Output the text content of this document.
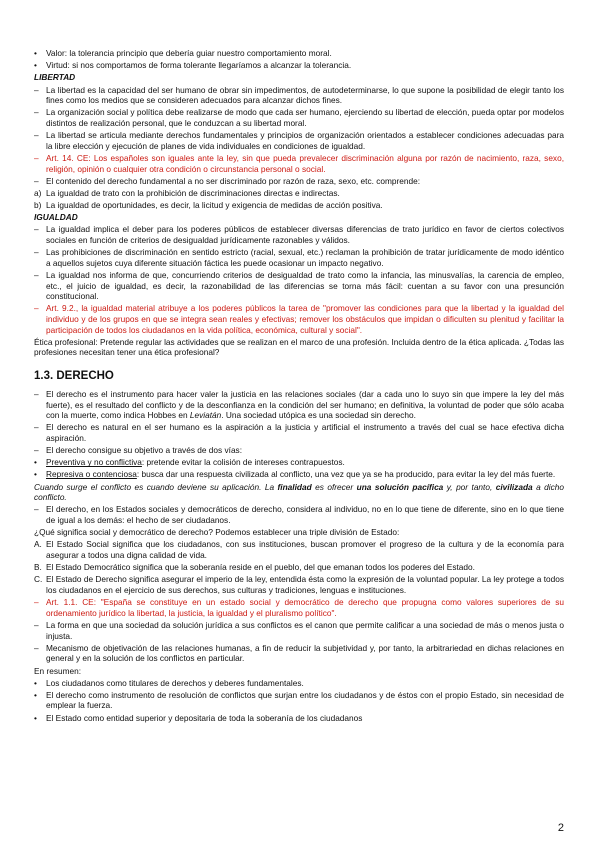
• Valor: la tolerancia principio que debería guiar nuestro comportamiento moral.
• Virtud: si nos comportamos de forma tolerante llegaríamos a alcanzar la tolerancia.
LIBERTAD
– La libertad es la capacidad del ser humano de obrar sin impedimentos, de autodeterminarse, lo que supone la posibilidad de elegir tanto los fines como los medios que se consideren adecuados para alcanzar dichos fines.
– La organización social y política debe realizarse de modo que cada ser humano, ejerciendo su libertad de elección, pueda optar por modelos distintos de realización personal, que le conduzcan a su libertad moral.
– La libertad se articula mediante derechos fundamentales y principios de organización orientados a establecer condiciones adecuadas para la libre elección y ejecución de planes de vida individuales en condiciones de igualdad.
– Art. 14. CE: Los españoles son iguales ante la ley, sin que pueda prevalecer discriminación alguna por razón de nacimiento, raza, sexo, religión, opinión o cualquier otra condición o circunstancia personal o social.
– El contenido del derecho fundamental a no ser discriminado por razón de raza, sexo, etc. comprende:
a) La igualdad de trato con la prohibición de discriminaciones directas e indirectas.
b) La igualdad de oportunidades, es decir, la licitud y exigencia de medidas de acción positiva.
IGUALDAD
– La igualdad implica el deber para los poderes públicos de establecer diversas diferencias de trato jurídico en favor de ciertos colectivos sociales en función de criterios de desigualdad jurídicamente razonables y válidos.
– Las prohibiciones de discriminación en sentido estricto (racial, sexual, etc.) reclaman la prohibición de tratar jurídicamente de modo idéntico a aquellos sujetos cuya diferente situación fáctica les puede ocasionar un impacto negativo.
– La igualdad nos informa de que, concurriendo criterios de desigualdad de trato como la infancia, las minusvalías, la carencia de empleo, etc., el juicio de igualdad, es decir, la razonabilidad de las diferencias se torna más fácil: cuentan a su favor con una presunción constitucional.
– Art. 9.2., la igualdad material atribuye a los poderes públicos la tarea de "promover las condiciones para que la libertad y la igualdad del individuo y de los grupos en que se integra sean reales y efectivas; remover los obstáculos que impidan o dificulten su plenitud y facilitar la participación de todos los ciudadanos en la vida política, económica, cultural y social".
Ética profesional: Pretende regular las actividades que se realizan en el marco de una profesión. Incluida dentro de la ética aplicada. ¿Todas las profesiones necesitan tener una ética profesional?
1.3. DERECHO
– El derecho es el instrumento para hacer valer la justicia en las relaciones sociales (dar a cada uno lo suyo sin que impere la ley del más fuerte), es el resultado del conflicto y de la desconfianza en la condición del ser humano; en definitiva, la voluntad de poder que sólo acaba con la muerte, como indica Hobbes en Leviatán. Una sociedad utópica es una sociedad sin derecho.
– El derecho es natural en el ser humano es la aspiración a la justicia y artificial el instrumento a través del cual se hace efectiva dicha aspiración.
– El derecho consigue su objetivo a través de dos vías:
• Preventiva y no conflictiva: pretende evitar la colisión de intereses contrapuestos.
• Represiva o contenciosa: busca dar una respuesta civilizada al conflicto, una vez que ya se ha producido, para evitar la ley del más fuerte.
Cuando surge el conflicto es cuando deviene su aplicación. La finalidad es ofrecer una solución pacífica y, por tanto, civilizada a dicho conflicto.
– El derecho, en los Estados sociales y democráticos de derecho, considera al individuo, no en lo que tiene de diferente, sino en lo que tiene de igual a los demás: el hecho de ser ciudadanos.
¿Qué significa social y democrático de derecho? Podemos establecer una triple división de Estado:
A. El Estado Social significa que los ciudadanos, con sus instituciones, buscan promover el progreso de la cultura y de la economía para asegurar a todos una digna calidad de vida.
B. El Estado Democrático significa que la soberanía reside en el pueblo, del que emanan todos los poderes del Estado.
C. El Estado de Derecho significa asegurar el imperio de la ley, entendida ésta como la expresión de la voluntad popular. La ley protege a todos los ciudadanos en el ejercicio de sus derechos, sus culturas y tradiciones, lenguas e instituciones.
– Art. 1.1. CE: "España se constituye en un estado social y democrático de derecho que propugna como valores superiores de su ordenamiento jurídico la libertad, la justicia, la igualdad y el pluralismo político".
– La forma en que una sociedad da solución jurídica a sus conflictos es el canon que permite calificar a una sociedad de más o menos justa o injusta.
– Mecanismo de objetivación de las relaciones humanas, a fin de reducir la subjetividad y, por tanto, la arbitrariedad en dichas relaciones en general y en la solución de los conflictos en particular.
En resumen:
• Los ciudadanos como titulares de derechos y deberes fundamentales.
• El derecho como instrumento de resolución de conflictos que surjan entre los ciudadanos y de éstos con el propio Estado, sin necesidad de emplear la fuerza.
• El Estado como entidad superior y depositaria de toda la soberanía de los ciudadanos
2
